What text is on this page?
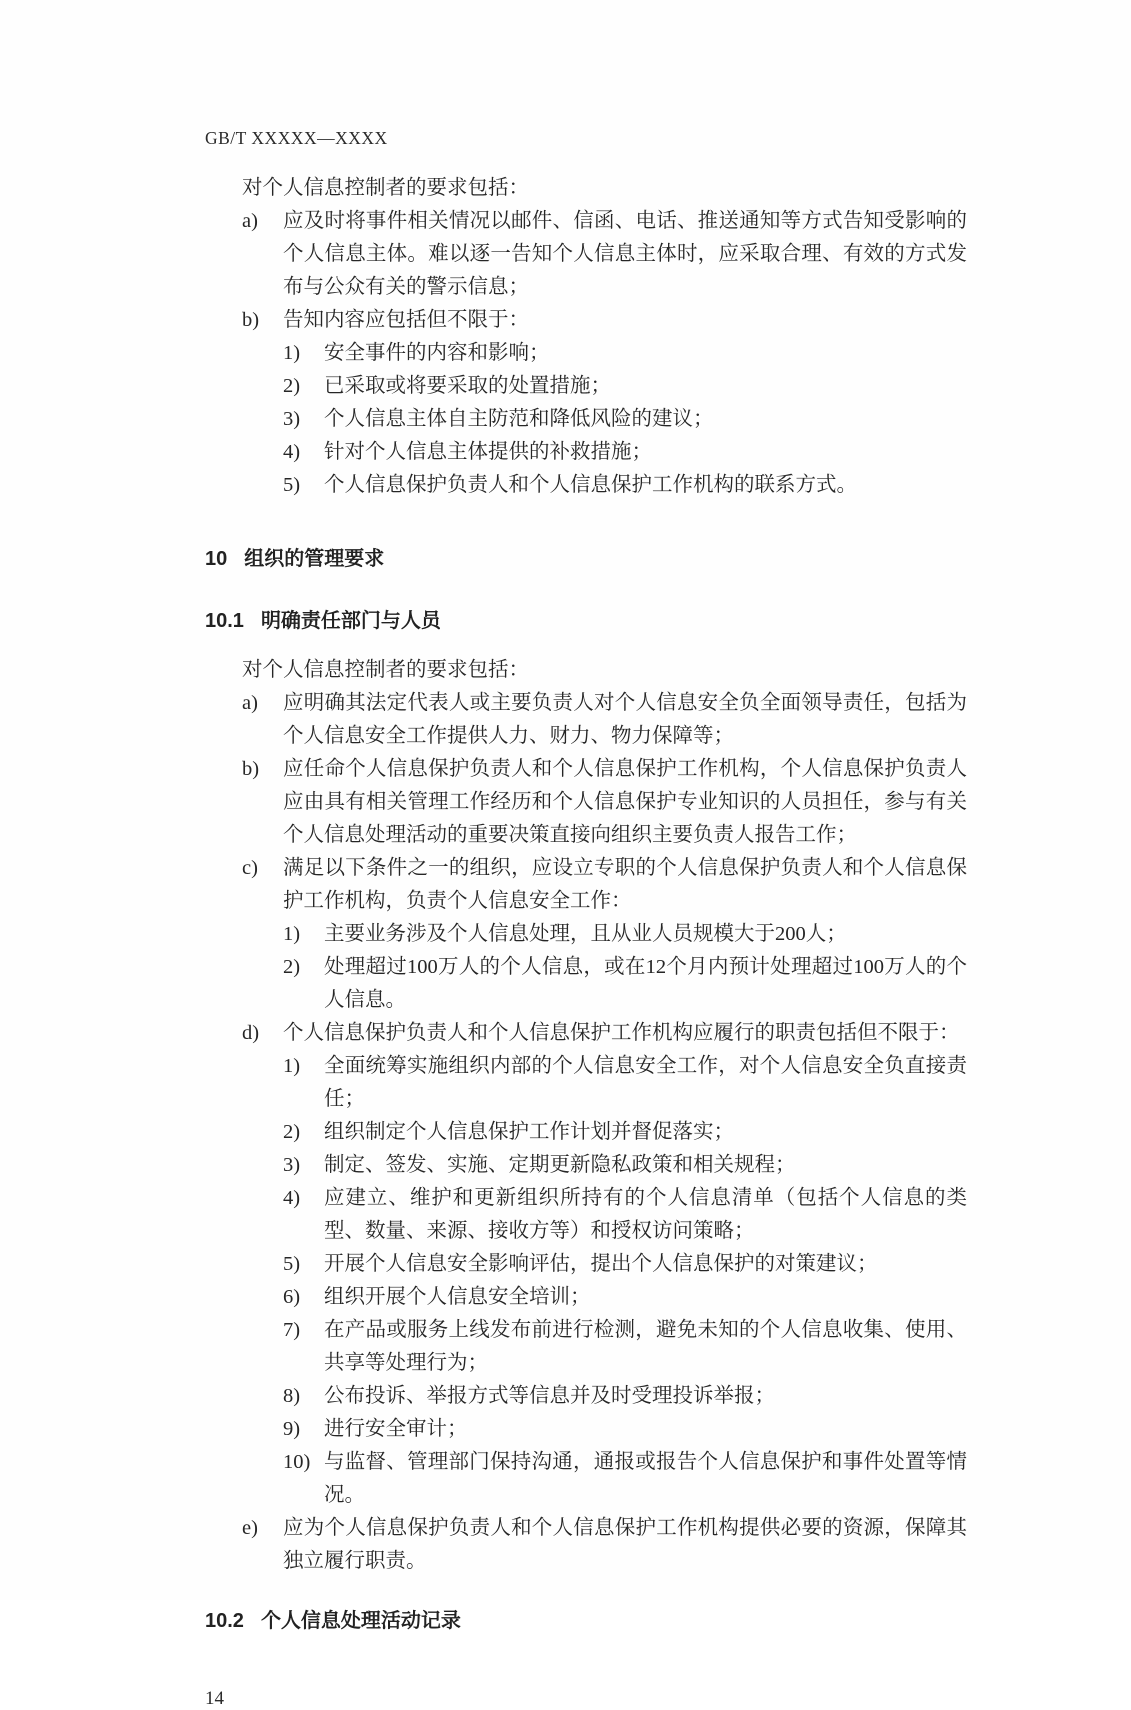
GB/T XXXXX—XXXX

对个人信息控制者的要求包括：

a)	应及时将事件相关情况以邮件、信函、电话、推送通知等方式告知受影响的个人信息主体。难以逐一告知个人信息主体时，应采取合理、有效的方式发布与公众有关的警示信息；
b)	告知内容应包括但不限于：
1)	安全事件的内容和影响；
2)	已采取或将要采取的处置措施；
3)	个人信息主体自主防范和降低风险的建议；
4)	针对个人信息主体提供的补救措施；
5)	个人信息保护负责人和个人信息保护工作机构的联系方式。
10 组织的管理要求
10.1 明确责任部门与人员

对个人信息控制者的要求包括：

a)	应明确其法定代表人或主要负责人对个人信息安全负全面领导责任，包括为个人信息安全工作提供人力、财力、物力保障等；
b)	应任命个人信息保护负责人和个人信息保护工作机构，个人信息保护负责人应由具有相关管理工作经历和个人信息保护专业知识的人员担任，参与有关个人信息处理活动的重要决策直接向组织主要负责人报告工作；
c)	满足以下条件之一的组织，应设立专职的个人信息保护负责人和个人信息保护工作机构，负责个人信息安全工作：
1)	主要业务涉及个人信息处理，且从业人员规模大于200人；
2)	处理超过100万人的个人信息，或在12个月内预计处理超过100万人的个人信息。
d)	个人信息保护负责人和个人信息保护工作机构应履行的职责包括但不限于：
1)	全面统筹实施组织内部的个人信息安全工作，对个人信息安全负直接责任；
2)	组织制定个人信息保护工作计划并督促落实；
3)	制定、签发、实施、定期更新隐私政策和相关规程；
4)	应建立、维护和更新组织所持有的个人信息清单（包括个人信息的类型、数量、来源、接收方等）和授权访问策略；
5)	开展个人信息安全影响评估，提出个人信息保护的对策建议；
6)	组织开展个人信息安全培训；
7)	在产品或服务上线发布前进行检测，避免未知的个人信息收集、使用、共享等处理行为；
8)	公布投诉、举报方式等信息并及时受理投诉举报；
9)	进行安全审计；
10) 与监督、管理部门保持沟通，通报或报告个人信息保护和事件处置等情况。
e)	应为个人信息保护负责人和个人信息保护工作机构提供必要的资源，保障其独立履行职责。
10.2 个人信息处理活动记录
14
